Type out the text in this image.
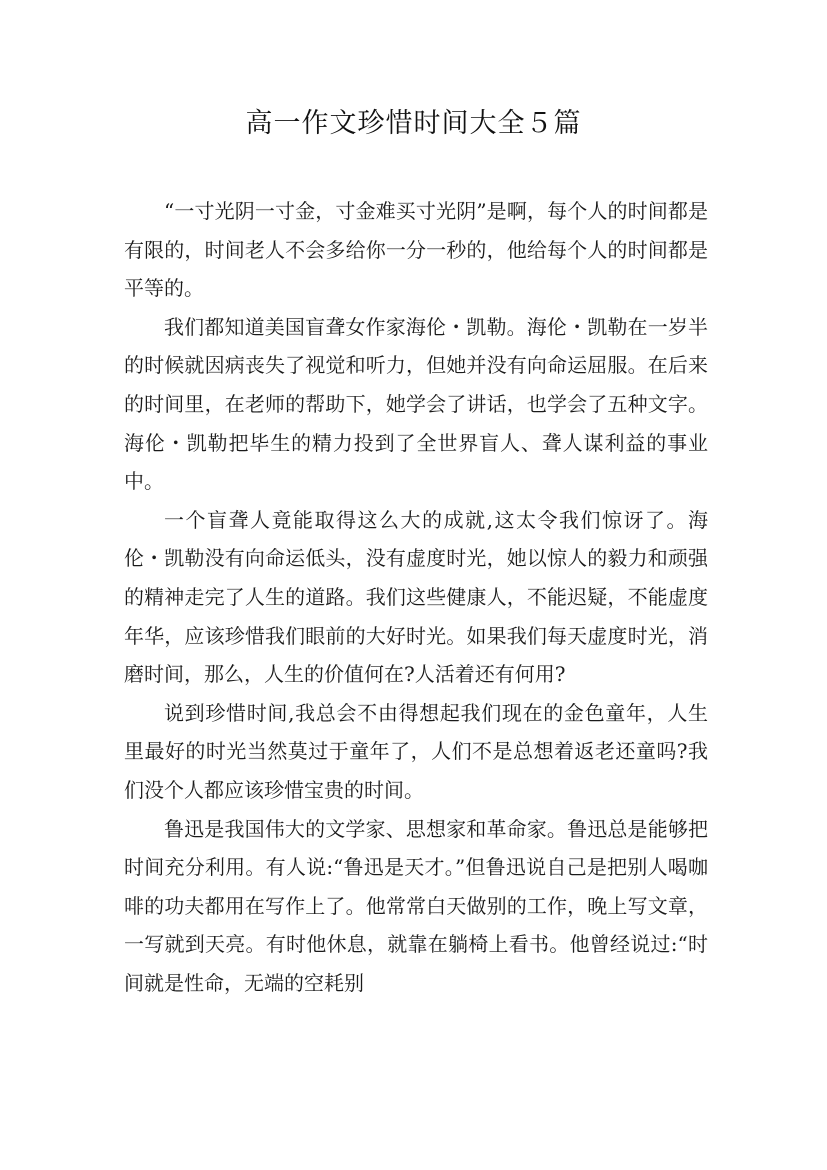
高一作文珍惜时间大全５篇

“一寸光阴一寸金，寸金难买寸光阴”是啊，每个人的时间都是有限的，时间老人不会多给你一分一秒的，他给每个人的时间都是平等的。

我们都知道美国盲聋女作家海伦・凯勒。海伦・凯勒在一岁半的时候就因病丧失了视觉和听力，但她并没有向命运屈服。在后来的时间里，在老师的帮助下，她学会了讲话，也学会了五种文字。海伦・凯勒把毕生的精力投到了全世界盲人、聋人谋利益的事业中。

一个盲聋人竟能取得这么大的成就,这太令我们惊讶了。海伦・凯勒没有向命运低头，没有虚度时光，她以惊人的毅力和顽强的精神走完了人生的道路。我们这些健康人，不能迟疑，不能虚度年华，应该珍惜我们眼前的大好时光。如果我们每天虚度时光，消磨时间，那么，人生的价值何在?人活着还有何用?

说到珍惜时间,我总会不由得想起我们现在的金色童年，人生里最好的时光当然莫过于童年了，人们不是总想着返老还童吗?我们没个人都应该珍惜宝贵的时间。

鲁迅是我国伟大的文学家、思想家和革命家。鲁迅总是能够把时间充分利用。有人说:“鲁迅是天才。”但鲁迅说自己是把别人喝咖啡的功夫都用在写作上了。他常常白天做别的工作，晚上写文章，一写就到天亮。有时他休息，就靠在躺椅上看书。他曾经说过:“时间就是性命，无端的空耗别
